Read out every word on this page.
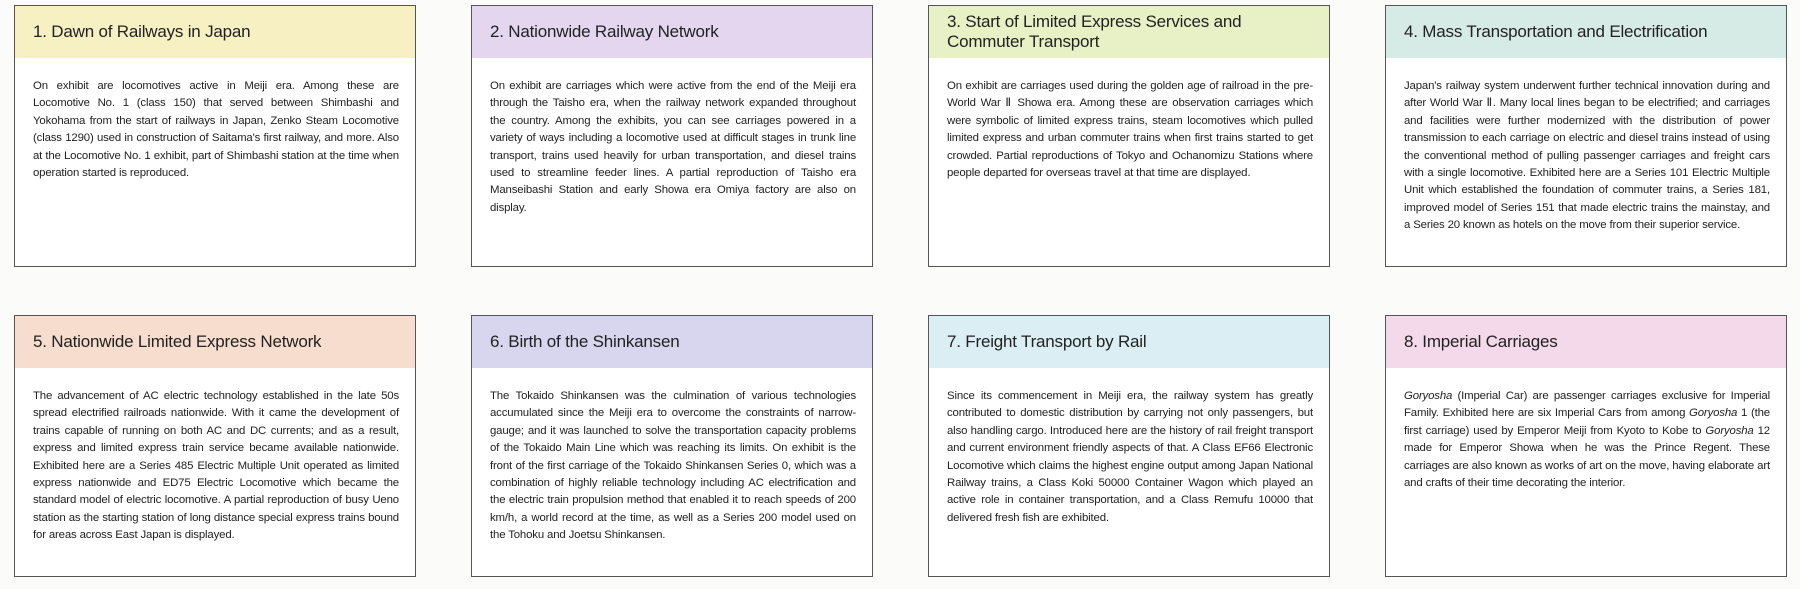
1. Dawn of Railways in Japan
On exhibit are locomotives active in Meiji era. Among these are Locomotive No. 1 (class 150) that served between Shimbashi and Yokohama from the start of railways in Japan, Zenko Steam Locomotive (class 1290) used in construction of Saitama's first railway, and more. Also at the Locomotive No. 1 exhibit, part of Shimbashi station at the time when operation started is reproduced.
2. Nationwide Railway Network
On exhibit are carriages which were active from the end of the Meiji era through the Taisho era, when the railway network expanded throughout the country. Among the exhibits, you can see carriages powered in a variety of ways including a locomotive used at difficult stages in trunk line transport, trains used heavily for urban transportation, and diesel trains used to streamline feeder lines. A partial reproduction of Taisho era Manseibashi Station and early Showa era Omiya factory are also on display.
3. Start of Limited Express Services and Commuter Transport
On exhibit are carriages used during the golden age of railroad in the pre-World War Ⅱ Showa era. Among these are observation carriages which were symbolic of limited express trains, steam locomotives which pulled limited express and urban commuter trains when first trains started to get crowded. Partial reproductions of Tokyo and Ochanomizu Stations where people departed for overseas travel at that time are displayed.
4. Mass Transportation and Electrification
Japan's railway system underwent further technical innovation during and after World War Ⅱ. Many local lines began to be electrified; and carriages and facilities were further modernized with the distribution of power transmission to each carriage on electric and diesel trains instead of using the conventional method of pulling passenger carriages and freight cars with a single locomotive. Exhibited here are a Series 101 Electric Multiple Unit which established the foundation of commuter trains, a Series 181, improved model of Series 151 that made electric trains the mainstay, and a Series 20 known as hotels on the move from their superior service.
5. Nationwide Limited Express Network
The advancement of AC electric technology established in the late 50s spread electrified railroads nationwide. With it came the development of trains capable of running on both AC and DC currents; and as a result, express and limited express train service became available nationwide. Exhibited here are a Series 485 Electric Multiple Unit operated as limited express nationwide and ED75 Electric Locomotive which became the standard model of electric locomotive. A partial reproduction of busy Ueno station as the starting station of long distance special express trains bound for areas across East Japan is displayed.
6. Birth of the Shinkansen
The Tokaido Shinkansen was the culmination of various technologies accumulated since the Meiji era to overcome the constraints of narrow-gauge; and it was launched to solve the transportation capacity problems of the Tokaido Main Line which was reaching its limits. On exhibit is the front of the first carriage of the Tokaido Shinkansen Series 0, which was a combination of highly reliable technology including AC electrification and the electric train propulsion method that enabled it to reach speeds of 200 km/h, a world record at the time, as well as a Series 200 model used on the Tohoku and Joetsu Shinkansen.
7. Freight Transport by Rail
Since its commencement in Meiji era, the railway system has greatly contributed to domestic distribution by carrying not only passengers, but also handling cargo. Introduced here are the history of rail freight transport and current environment friendly aspects of that. A Class EF66 Electronic Locomotive which claims the highest engine output among Japan National Railway trains, a Class Koki 50000 Container Wagon which played an active role in container transportation, and a Class Remufu 10000 that delivered fresh fish are exhibited.
8. Imperial Carriages
Goryosha (Imperial Car) are passenger carriages exclusive for Imperial Family. Exhibited here are six Imperial Cars from among Goryosha 1 (the first carriage) used by Emperor Meiji from Kyoto to Kobe to Goryosha 12 made for Emperor Showa when he was the Prince Regent. These carriages are also known as works of art on the move, having elaborate art and crafts of their time decorating the interior.
